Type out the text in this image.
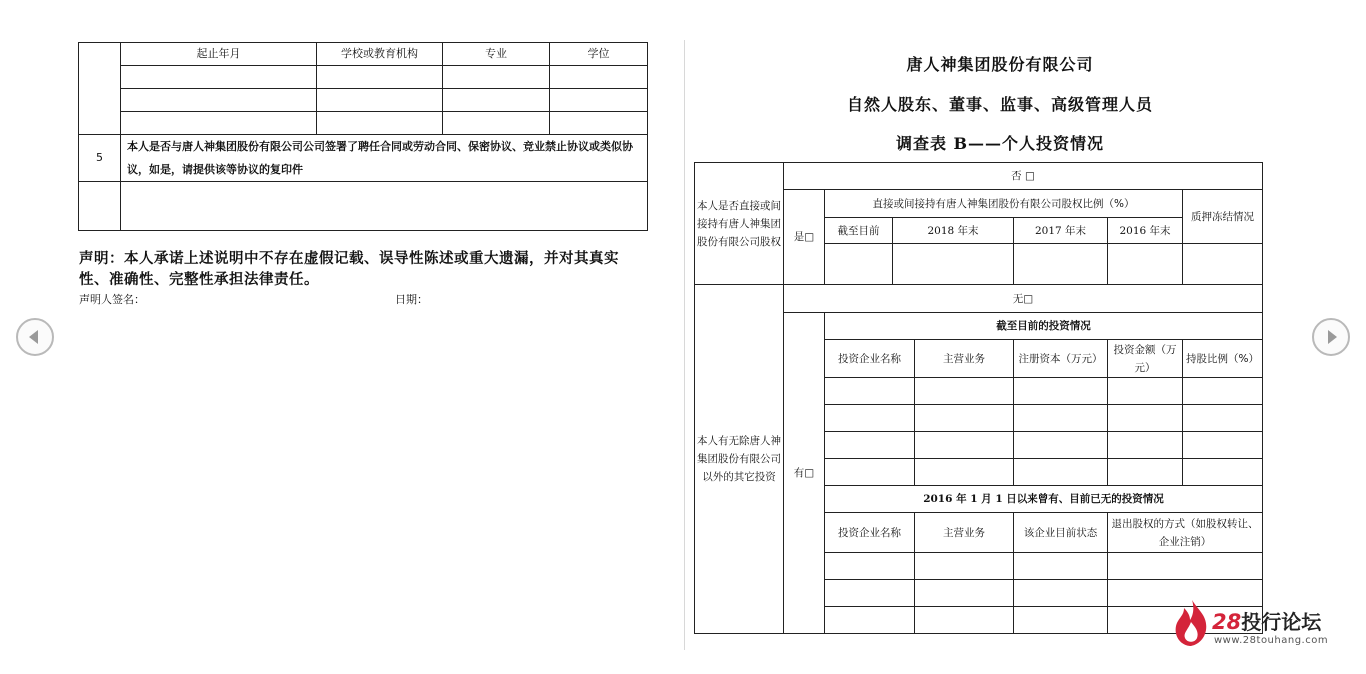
	起止年月	学校或教育机构	专业	学位

5	本人是否与唐人神集团股份有限公司公司签署了聘任合同或劳动合同、保密协议、竞业禁止协议或类似协议，如是，请提供该等协议的复印件			

声明：本人承诺上述说明中不存在虚假记载、误导性陈述或重大遗漏，并对其真实性、准确性、完整性承担法律责任。
声明人签名：	日期：
唐人神集团股份有限公司
自然人股东、董事、监事、高级管理人员
调查表 B——个人投资情况
本人是否直接或间接持有唐人神集团股份有限公司股权	否 □						
	是□	直接或间接持有唐人神集团股份有限公司股权比例（%）					质押冻结情况
		截至目前	2018 年末		2017 年末	2016 年末	

本人有无除唐人神集团股份有限公司以外的其它投资	无□						
	有□	截至目前的投资情况					
		投资企业名称		主营业务	注册资本（万元）	投资金额（万元）	持股比例（%）

		2016 年 1 月 1 日以来曾有、目前已无的投资情况					
		投资企业名称		主营业务	该企业目前状态	退出股权的方式（如股权转让、企业注销）	

28投行论坛
www.28touhang.com
